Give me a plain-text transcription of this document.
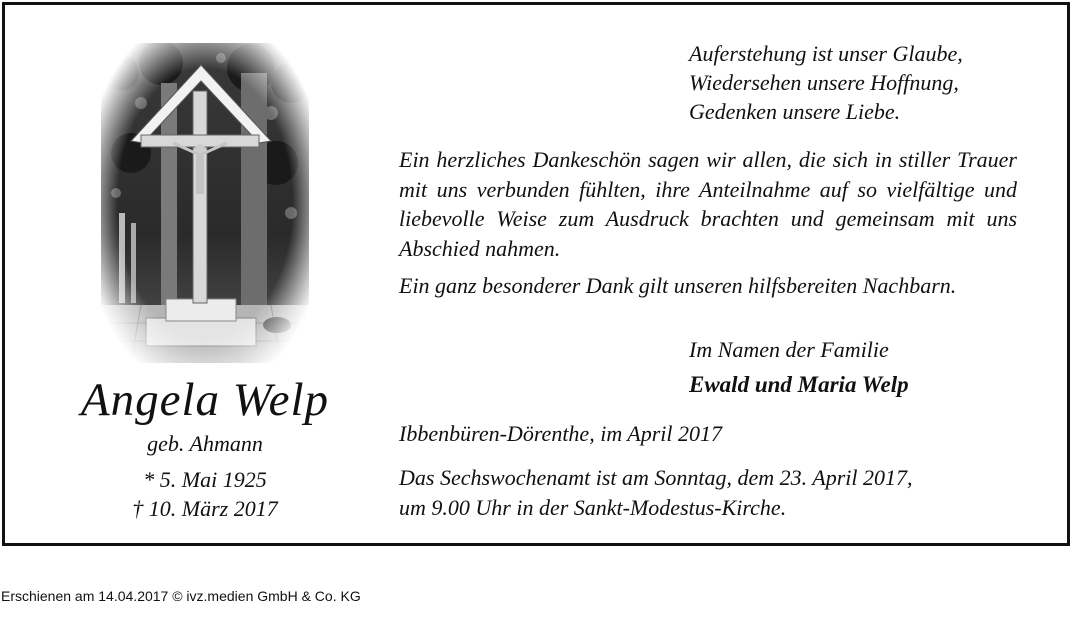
Angela Welp
geb. Ahmann
* 5. Mai 1925
† 10. März 2017
Auferstehung ist unser Glaube,
Wiedersehen unsere Hoffnung,
Gedenken unsere Liebe.
Ein herzliches Dankeschön sagen wir allen, die sich in stiller Trauer mit uns verbunden fühlten, ihre Anteilnahme auf so vielfältige und liebevolle Weise zum Ausdruck brachten und gemeinsam mit uns Abschied nahmen.
Ein ganz besonderer Dank gilt unseren hilfsbereiten Nachbarn.
Im Namen der Familie
Ewald und Maria Welp
Ibbenbüren-Dörenthe, im April 2017
Das Sechswochenamt ist am Sonntag, dem 23. April 2017,
um 9.00 Uhr in der Sankt-Modestus-Kirche.
Erschienen am 14.04.2017 © ivz.medien GmbH & Co. KG
